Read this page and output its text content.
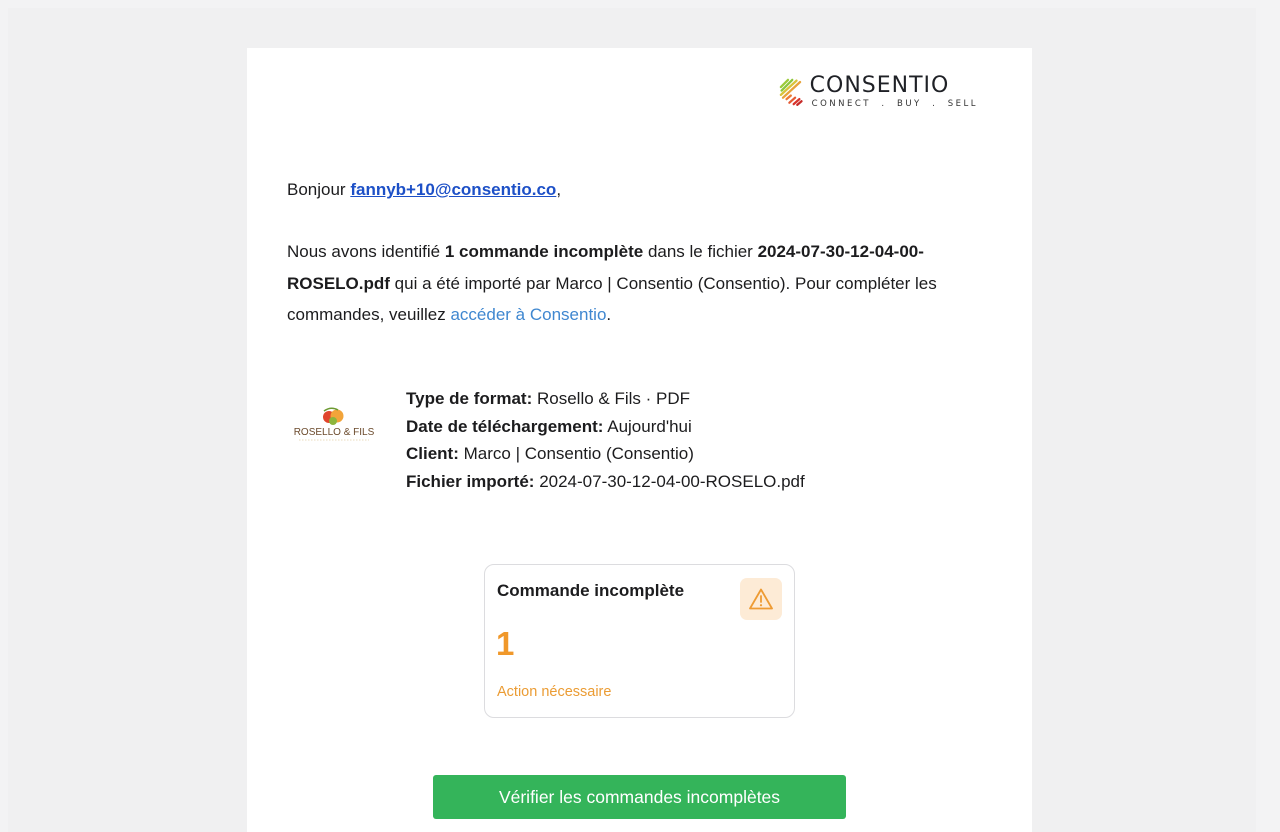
CONSENTIO
CONNECT  .  BUY  .  SELL
Bonjour fannyb+10@consentio.co,
Nous avons identifié 1 commande incomplète dans le fichier 2024-07-30-12-04-00-ROSELO.pdf qui a été importé par Marco | Consentio (Consentio). Pour compléter les commandes, veuillez accéder à Consentio.
ROSELLO & FILS
Type de format: Rosello & Fils · PDF
Date de téléchargement: Aujourd'hui
Client: Marco | Consentio (Consentio)
Fichier importé: 2024-07-30-12-04-00-ROSELO.pdf
Commande incomplète
1
Action nécessaire
Vérifier les commandes incomplètes
